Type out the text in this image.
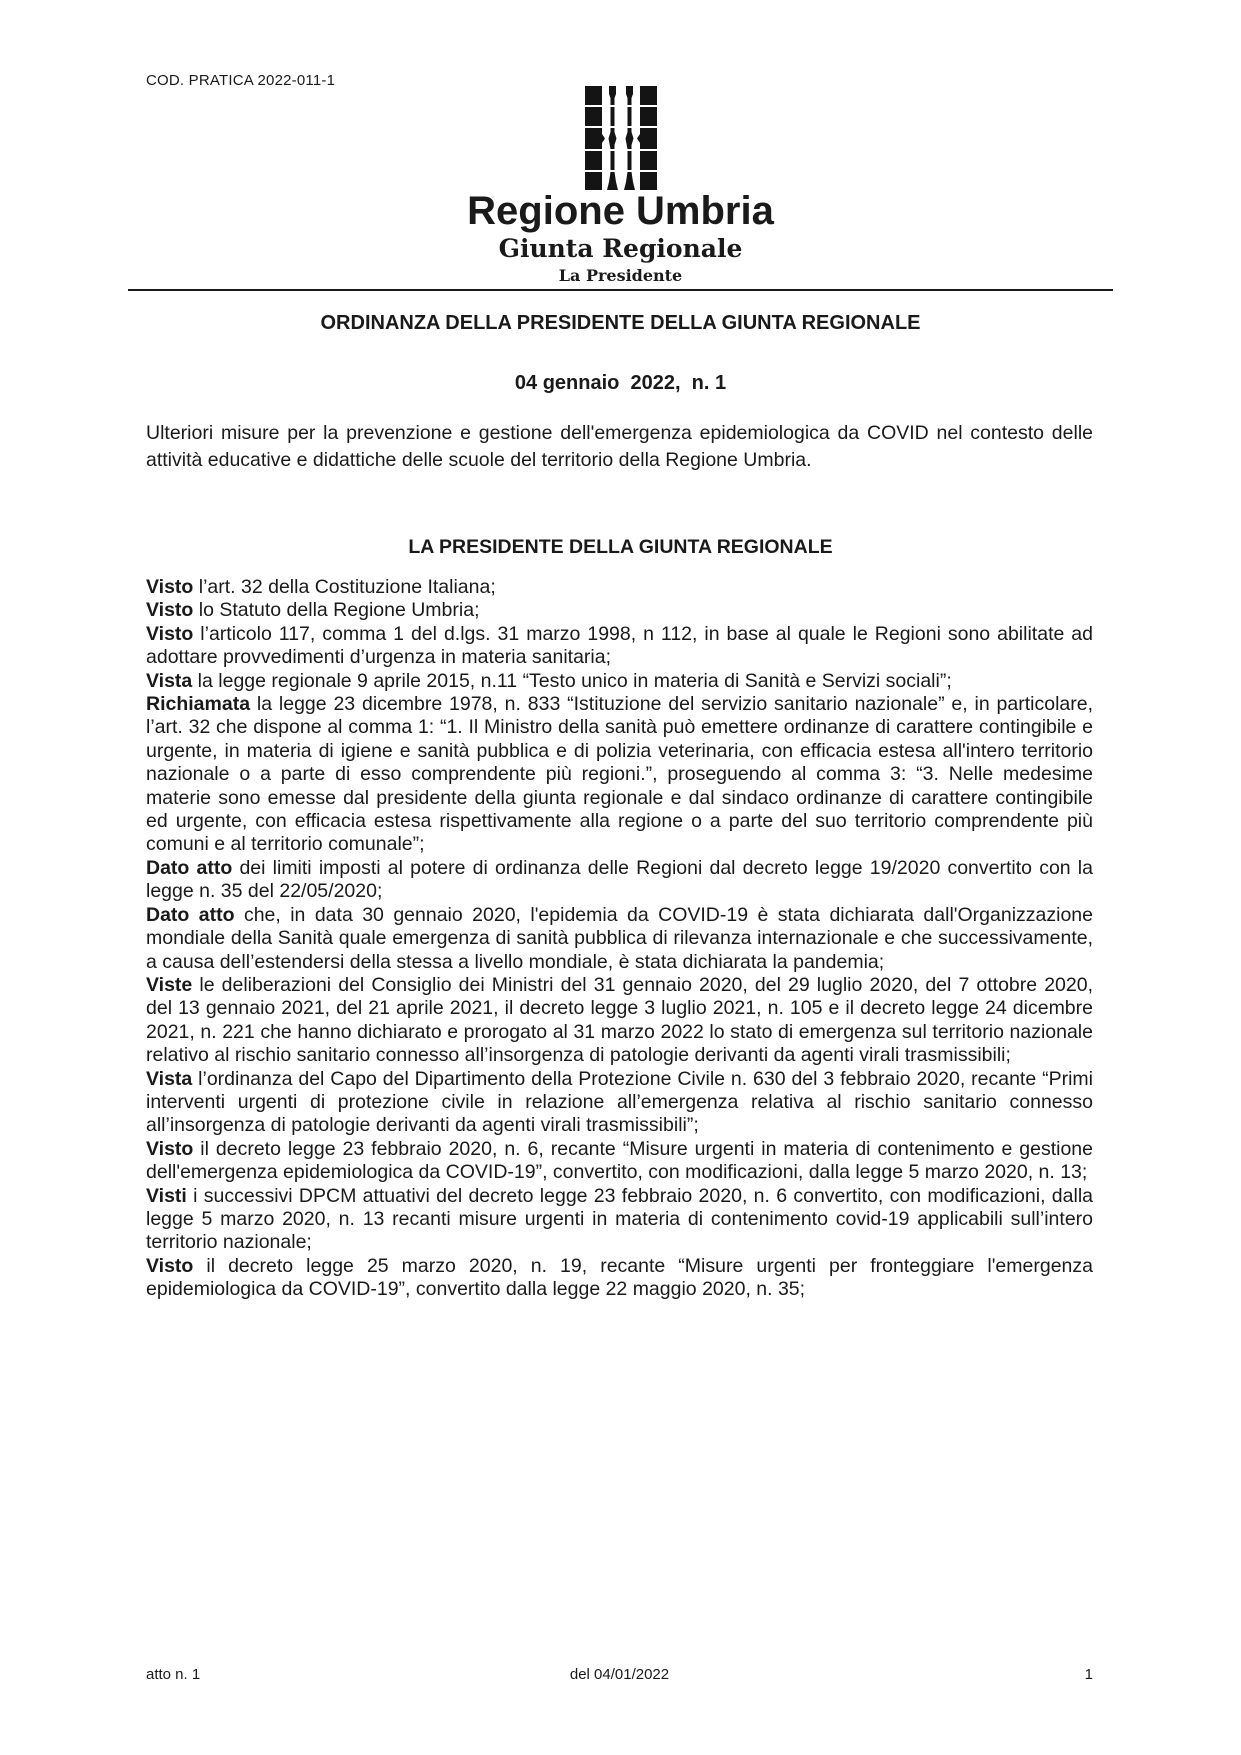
COD. PRATICA 2022-011-1
Regione Umbria
Giunta Regionale
La Presidente
ORDINANZA DELLA PRESIDENTE DELLA GIUNTA REGIONALE
04 gennaio  2022,  n. 1
Ulteriori misure per la prevenzione e gestione dell'emergenza epidemiologica da COVID nel contesto delle attività educative e didattiche delle scuole del territorio della Regione Umbria.
LA PRESIDENTE DELLA GIUNTA REGIONALE

Visto l’art. 32 della Costituzione Italiana;

Visto lo Statuto della Regione Umbria;

Visto l’articolo 117, comma 1 del d.lgs. 31 marzo 1998, n 112, in base al quale le Regioni sono abilitate ad adottare provvedimenti d’urgenza in materia sanitaria;

Vista la legge regionale 9 aprile 2015, n.11 “Testo unico in materia di Sanità e Servizi sociali”;

Richiamata la legge 23 dicembre 1978, n. 833 “Istituzione del servizio sanitario nazionale” e, in particolare, l’art. 32 che dispone al comma 1: “1. Il Ministro della sanità può emettere ordinanze di carattere contingibile e urgente, in materia di igiene e sanità pubblica e di polizia veterinaria, con efficacia estesa all'intero territorio nazionale o a parte di esso comprendente più regioni.”, proseguendo al comma 3: “3. Nelle medesime materie sono emesse dal presidente della giunta regionale e dal sindaco ordinanze di carattere contingibile ed urgente, con efficacia estesa rispettivamente alla regione o a parte del suo territorio comprendente più comuni e al territorio comunale”;

Dato atto dei limiti imposti al potere di ordinanza delle Regioni dal decreto legge 19/2020 convertito con la legge n. 35 del 22/05/2020;

Dato atto che, in data 30 gennaio 2020, l'epidemia da COVID-19 è stata dichiarata dall'Organizzazione mondiale della Sanità quale emergenza di sanità pubblica di rilevanza internazionale e che successivamente, a causa dell’estendersi della stessa a livello mondiale, è stata dichiarata la pandemia;

Viste le deliberazioni del Consiglio dei Ministri del 31 gennaio 2020, del 29 luglio 2020, del 7 ottobre 2020, del 13 gennaio 2021, del 21 aprile 2021, il decreto legge 3 luglio 2021, n. 105 e il decreto legge 24 dicembre 2021, n. 221 che hanno dichiarato e prorogato al 31 marzo 2022 lo stato di emergenza sul territorio nazionale relativo al rischio sanitario connesso all’insorgenza di patologie derivanti da agenti virali trasmissibili;

Vista l’ordinanza del Capo del Dipartimento della Protezione Civile n. 630 del 3 febbraio 2020, recante “Primi interventi urgenti di protezione civile in relazione all’emergenza relativa al rischio sanitario connesso all’insorgenza di patologie derivanti da agenti virali trasmissibili”;

Visto il decreto legge 23 febbraio 2020, n. 6, recante “Misure urgenti in materia di contenimento e gestione dell'emergenza epidemiologica da COVID-19”, convertito, con modificazioni, dalla legge 5 marzo 2020, n. 13;

Visti i successivi DPCM attuativi del decreto legge 23 febbraio 2020, n. 6 convertito, con modificazioni, dalla legge 5 marzo 2020, n. 13 recanti misure urgenti in materia di contenimento covid-19 applicabili sull’intero territorio nazionale;

Visto il decreto legge 25 marzo 2020, n. 19, recante “Misure urgenti per fronteggiare l'emergenza epidemiologica da COVID-19”, convertito dalla legge 22 maggio 2020, n. 35;

atto n. 1	del 04/01/2022	1
